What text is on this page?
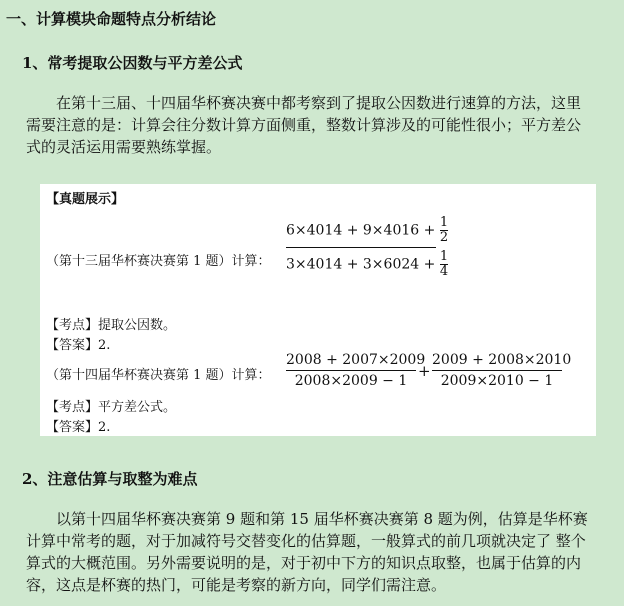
一、计算模块命题特点分析结论
1、常考提取公因数与平方差公式
在第十三届、十四届华杯赛决赛中都考察到了提取公因数进行速算的方法，这里需要注意的是：计算会往分数计算方面侧重，整数计算涉及的可能性很小；平方差公式的灵活运用需要熟练掌握。
【真题展示】
（第十三届华杯赛决赛第 1 题）计算：
$6\times 4014 + 9\times 4016 + \frac{1}{2}$
$3\times 4014 + 3\times 6024 + \frac{1}{4}$
【考点】提取公因数。
【答案】2.
（第十四届华杯赛决赛第 1 题）计算：
2008 + 2007×2009
2008×2009 − 1
+
2009 + 2008×2010
2009×2010 − 1
【考点】平方差公式。
【答案】2.
2、注意估算与取整为难点
以第十四届华杯赛决赛第 9 题和第 15 届华杯赛决赛第 8 题为例，估算是华杯赛计算中常考的题，对于加减符号交替变化的估算题，一般算式的前几项就决定了 整个算式的大概范围。另外需要说明的是，对于初中下方的知识点取整，也属于估算的内容，这点是杯赛的热门，可能是考察的新方向，同学们需注意。
